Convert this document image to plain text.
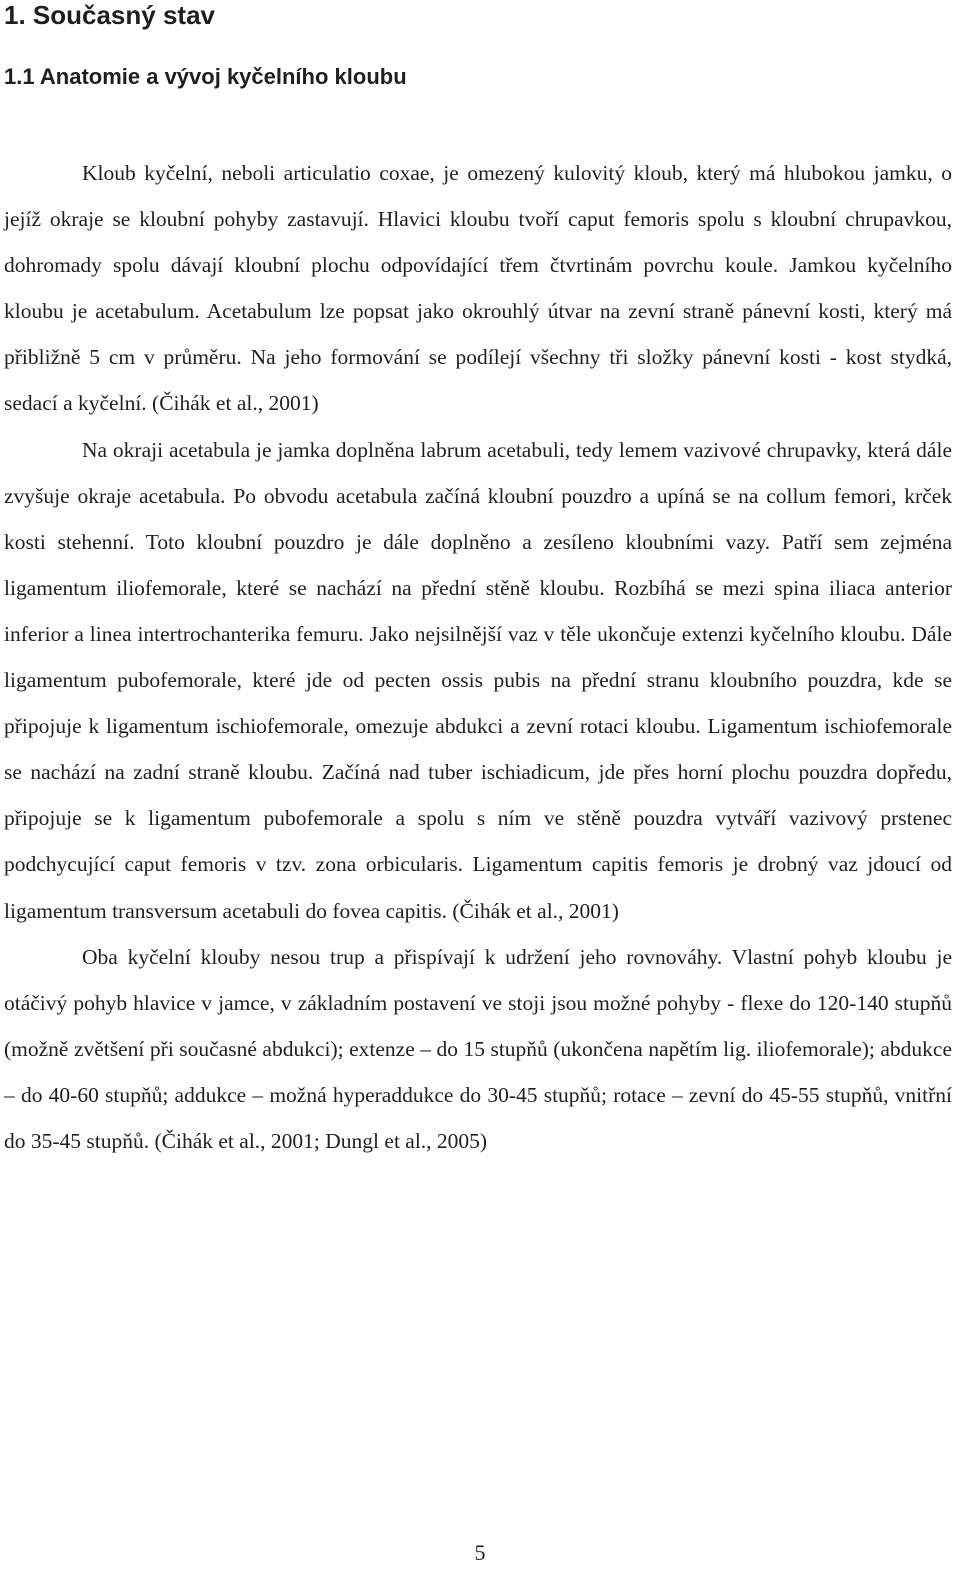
1. Současný stav
1.1 Anatomie a vývoj kyčelního kloubu

Kloub kyčelní, neboli articulatio coxae, je omezený kulovitý kloub, který má hlubokou jamku, o jejíž okraje se kloubní pohyby zastavují. Hlavici kloubu tvoří caput femoris spolu s kloubní chrupavkou, dohromady spolu dávají kloubní plochu odpovídající třem čtvrtinám povrchu koule. Jamkou kyčelního kloubu je acetabulum. Acetabulum lze popsat jako okrouhlý útvar na zevní straně pánevní kosti, který má přibližně 5 cm v průměru. Na jeho formování se podílejí všechny tři složky pánevní kosti - kost stydká, sedací a kyčelní. (Čihák et al., 2001)

Na okraji acetabula je jamka doplněna labrum acetabuli, tedy lemem vazivové chrupavky, která dále zvyšuje okraje acetabula. Po obvodu acetabula začíná kloubní pouzdro a upíná se na collum femori, krček kosti stehenní. Toto kloubní pouzdro je dále doplněno a zesíleno kloubními vazy. Patří sem zejména ligamentum iliofemorale, které se nachází na přední stěně kloubu. Rozbíhá se mezi spina iliaca anterior inferior a linea intertrochanterika femuru. Jako nejsilnější vaz v těle ukončuje extenzi kyčelního kloubu. Dále ligamentum pubofemorale, které jde od pecten ossis pubis na přední stranu kloubního pouzdra, kde se připojuje k ligamentum ischiofemorale, omezuje abdukci a zevní rotaci kloubu. Ligamentum ischiofemorale se nachází na zadní straně kloubu. Začíná nad tuber ischiadicum, jde přes horní plochu pouzdra dopředu, připojuje se k ligamentum pubofemorale a spolu s ním ve stěně pouzdra vytváří vazivový prstenec podchycující caput femoris v tzv. zona orbicularis. Ligamentum capitis femoris je drobný vaz jdoucí od ligamentum transversum acetabuli do fovea capitis. (Čihák et al., 2001)

Oba kyčelní klouby nesou trup a přispívají k udržení jeho rovnováhy. Vlastní pohyb kloubu je otáčivý pohyb hlavice v jamce, v základním postavení ve stoji jsou možné pohyby - flexe do 120-140 stupňů (možně zvětšení při současné abdukci); extenze – do 15 stupňů (ukončena napětím lig. iliofemorale); abdukce – do 40-60 stupňů; addukce – možná hyperaddukce do 30-45 stupňů; rotace – zevní do 45-55 stupňů, vnitřní do 35-45 stupňů. (Čihák et al., 2001; Dungl et al., 2005)

5
